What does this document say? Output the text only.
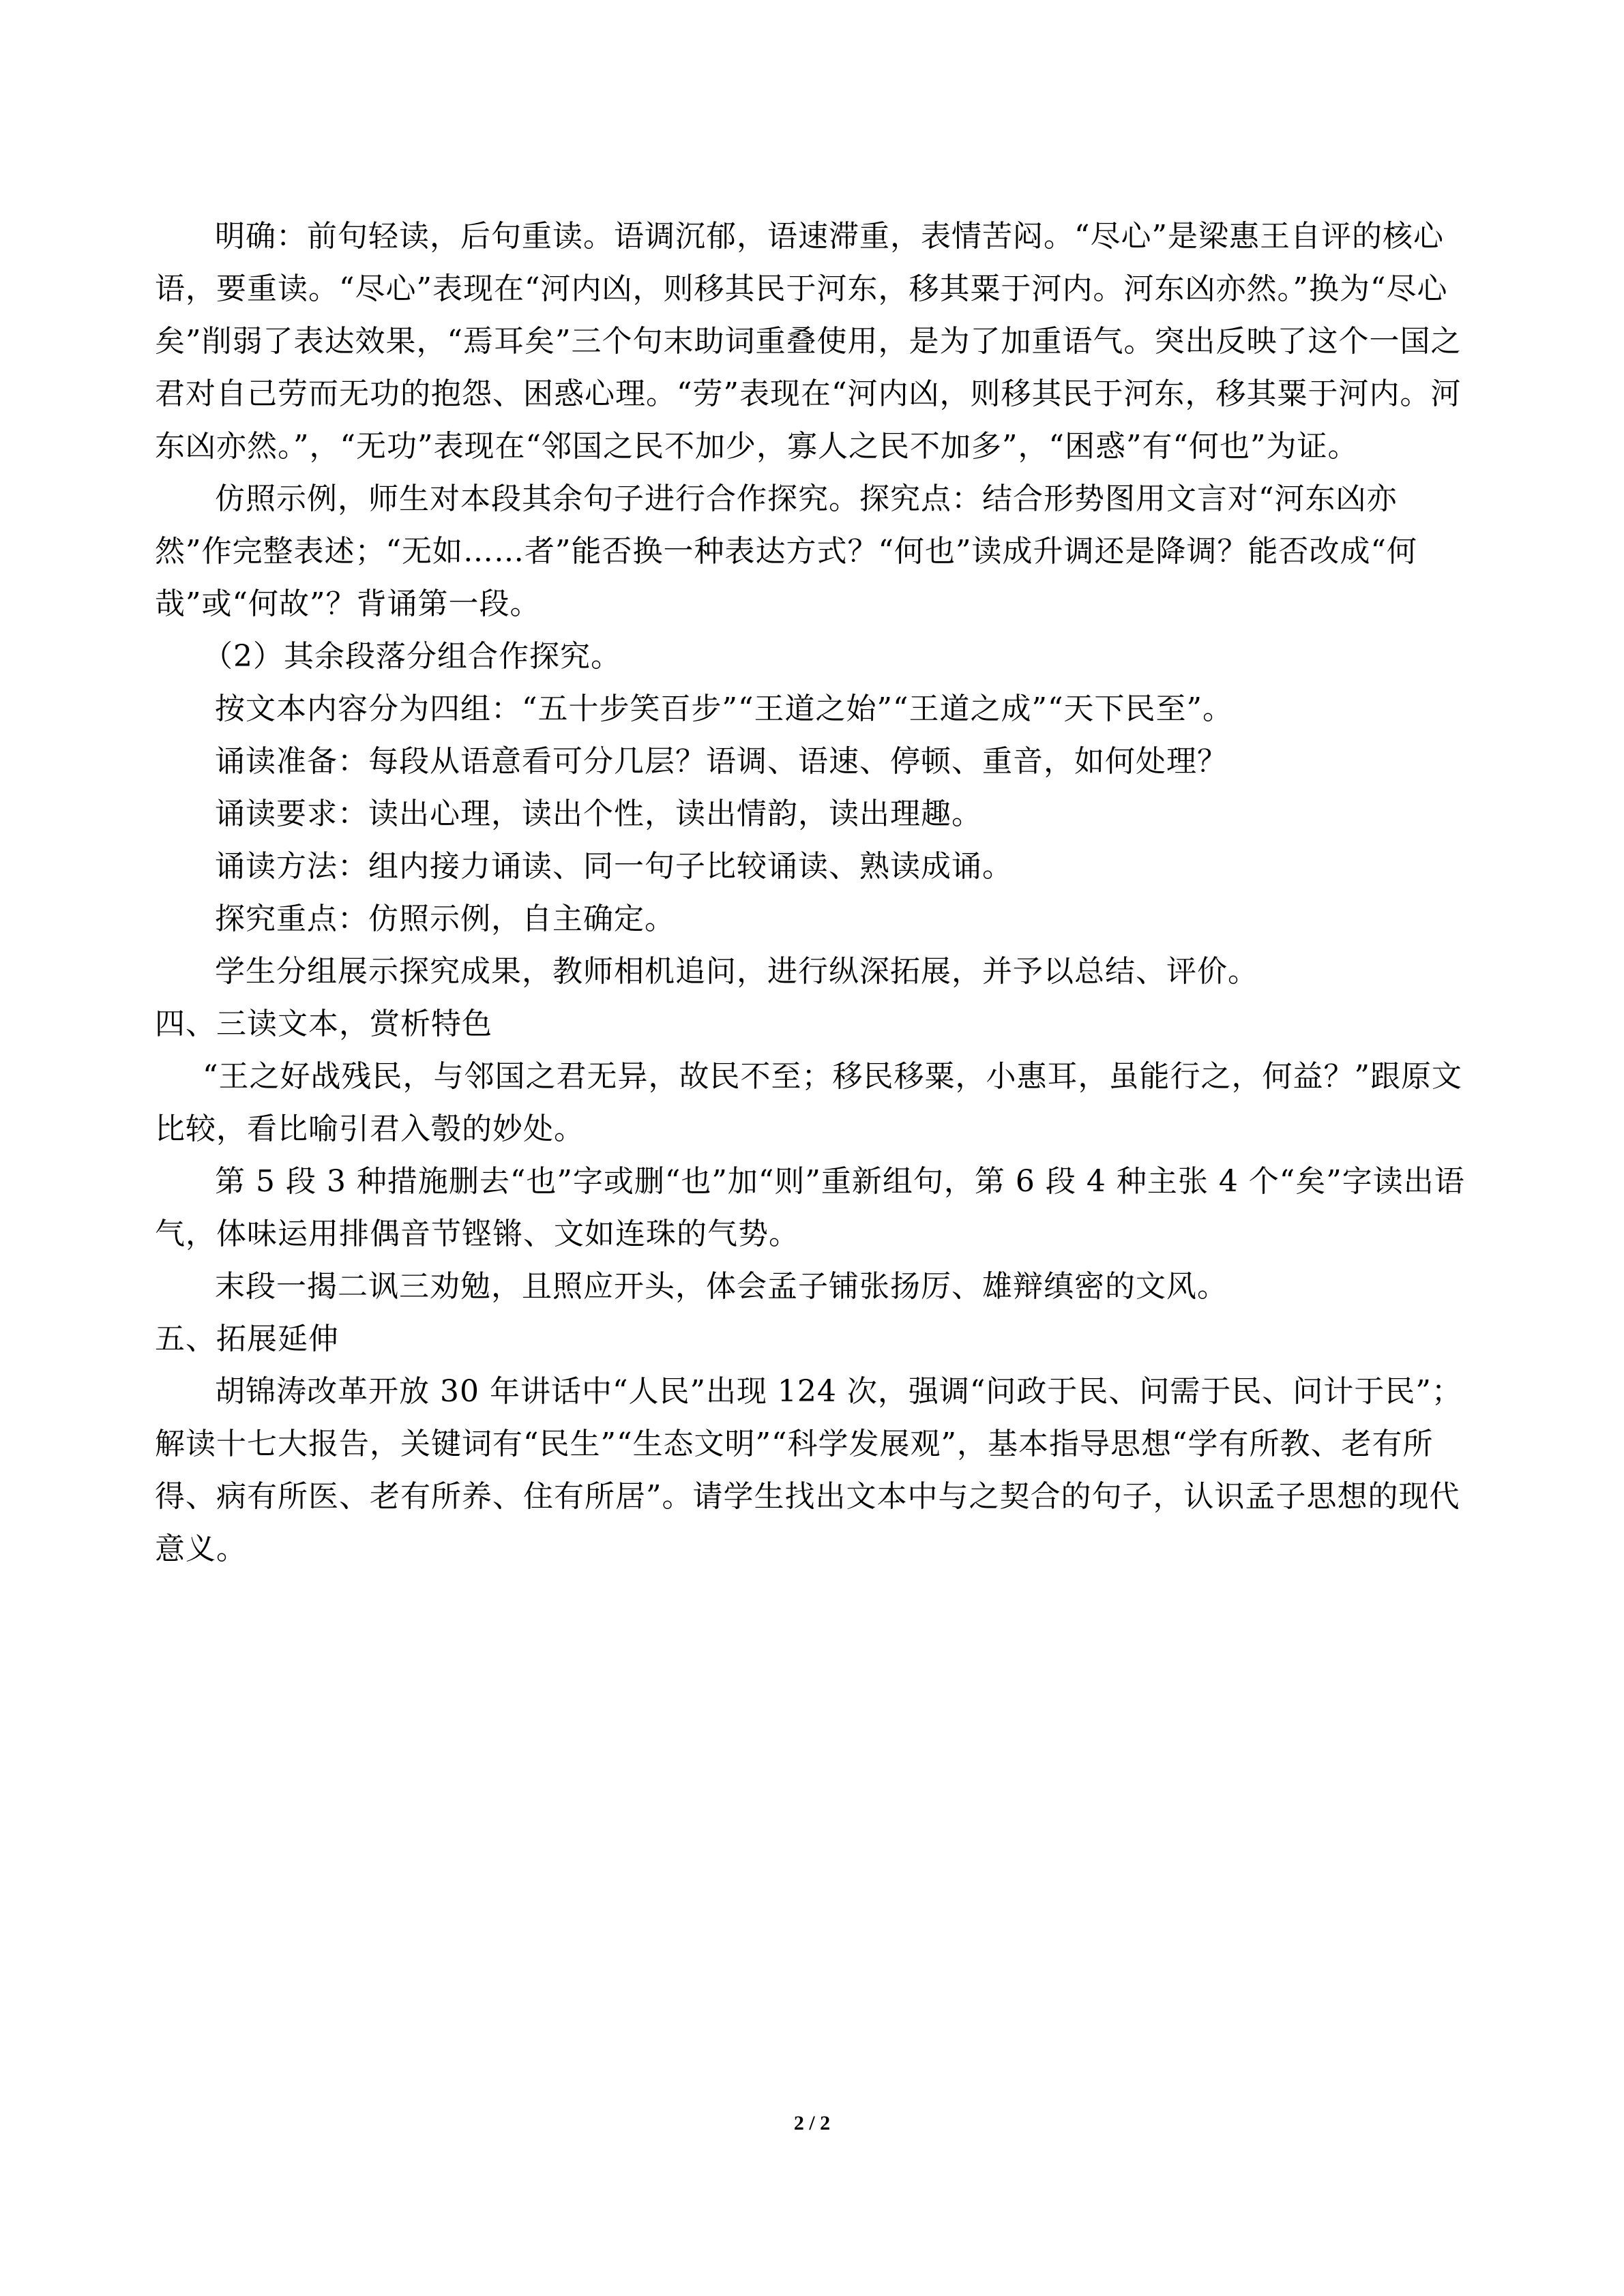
明确：前句轻读，后句重读。语调沉郁，语速滞重，表情苦闷。“尽心”是梁惠王自评的核心语，要重读。“尽心”表现在“河内凶，则移其民于河东，移其粟于河内。河东凶亦然。”换为“尽心矣”削弱了表达效果，“焉耳矣”三个句末助词重叠使用，是为了加重语气。突出反映了这个一国之君对自己劳而无功的抱怨、困惑心理。“劳”表现在“河内凶，则移其民于河东，移其粟于河内。河东凶亦然。”，“无功”表现在“邻国之民不加少，寡人之民不加多”，“困惑”有“何也”为证。

仿照示例，师生对本段其余句子进行合作探究。探究点：结合形势图用文言对“河东凶亦然”作完整表述；“无如……者”能否换一种表达方式？“何也”读成升调还是降调？能否改成“何哉”或“何故”？背诵第一段。

（2）其余段落分组合作探究。

按文本内容分为四组：“五十步笑百步”“王道之始”“王道之成”“天下民至”。

诵读准备：每段从语意看可分几层？语调、语速、停顿、重音，如何处理？

诵读要求：读出心理，读出个性，读出情韵，读出理趣。

诵读方法：组内接力诵读、同一句子比较诵读、熟读成诵。

探究重点：仿照示例，自主确定。

学生分组展示探究成果，教师相机追问，进行纵深拓展，并予以总结、评价。

四、三读文本，赏析特色

“王之好战残民，与邻国之君无异，故民不至；移民移粟，小惠耳，虽能行之，何益？”跟原文比较，看比喻引君入彀的妙处。

第 5 段 3 种措施删去“也”字或删“也”加“则”重新组句，第 6 段 4 种主张 4 个“矣”字读出语气，体味运用排偶音节铿锵、文如连珠的气势。

末段一揭二讽三劝勉，且照应开头，体会孟子铺张扬厉、雄辩缜密的文风。

五、拓展延伸

胡锦涛改革开放 30 年讲话中“人民”出现 124 次，强调“问政于民、问需于民、问计于民”；解读十七大报告，关键词有“民生”“生态文明”“科学发展观”，基本指导思想“学有所教、老有所得、病有所医、老有所养、住有所居”。请学生找出文本中与之契合的句子，认识孟子思想的现代意义。

2 / 2
